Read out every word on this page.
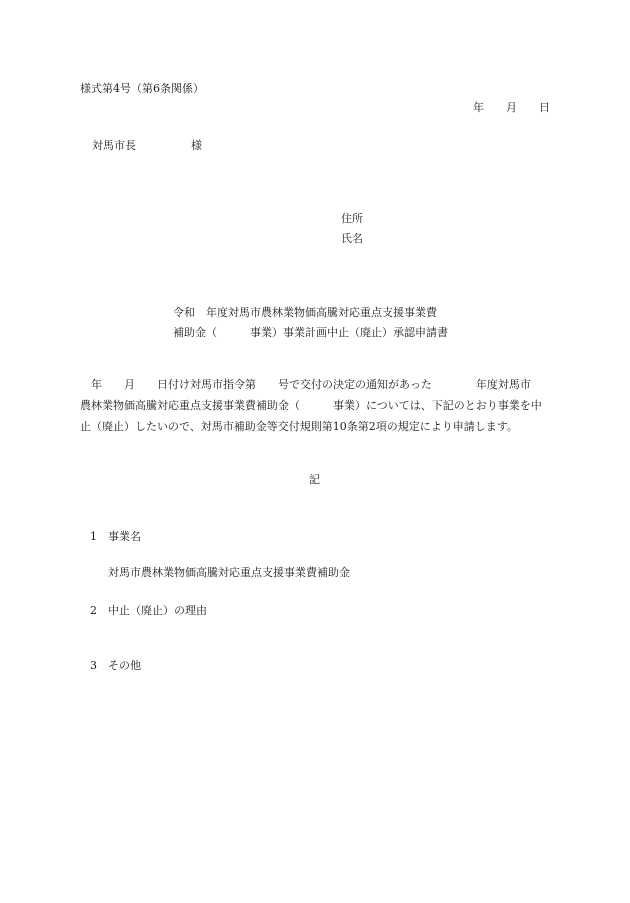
様式第4号（第6条関係）
年　　月　　日
対馬市長　　　　　様
住所
氏名
令和　年度対馬市農林業物価高騰対応重点支援事業費
補助金（　　　事業）事業計画中止（廃止）承認申請書
　年　　月　　日付け対馬市指令第　　号で交付の決定の通知があった　　　　年度対馬市
農林業物価高騰対応重点支援事業費補助金（　　　事業）については、下記のとおり事業を中
止（廃止）したいので、対馬市補助金等交付規則第10条第2項の規定により申請します。
記
1 事業名
対馬市農林業物価高騰対応重点支援事業費補助金
2 中止（廃止）の理由
3 その他
